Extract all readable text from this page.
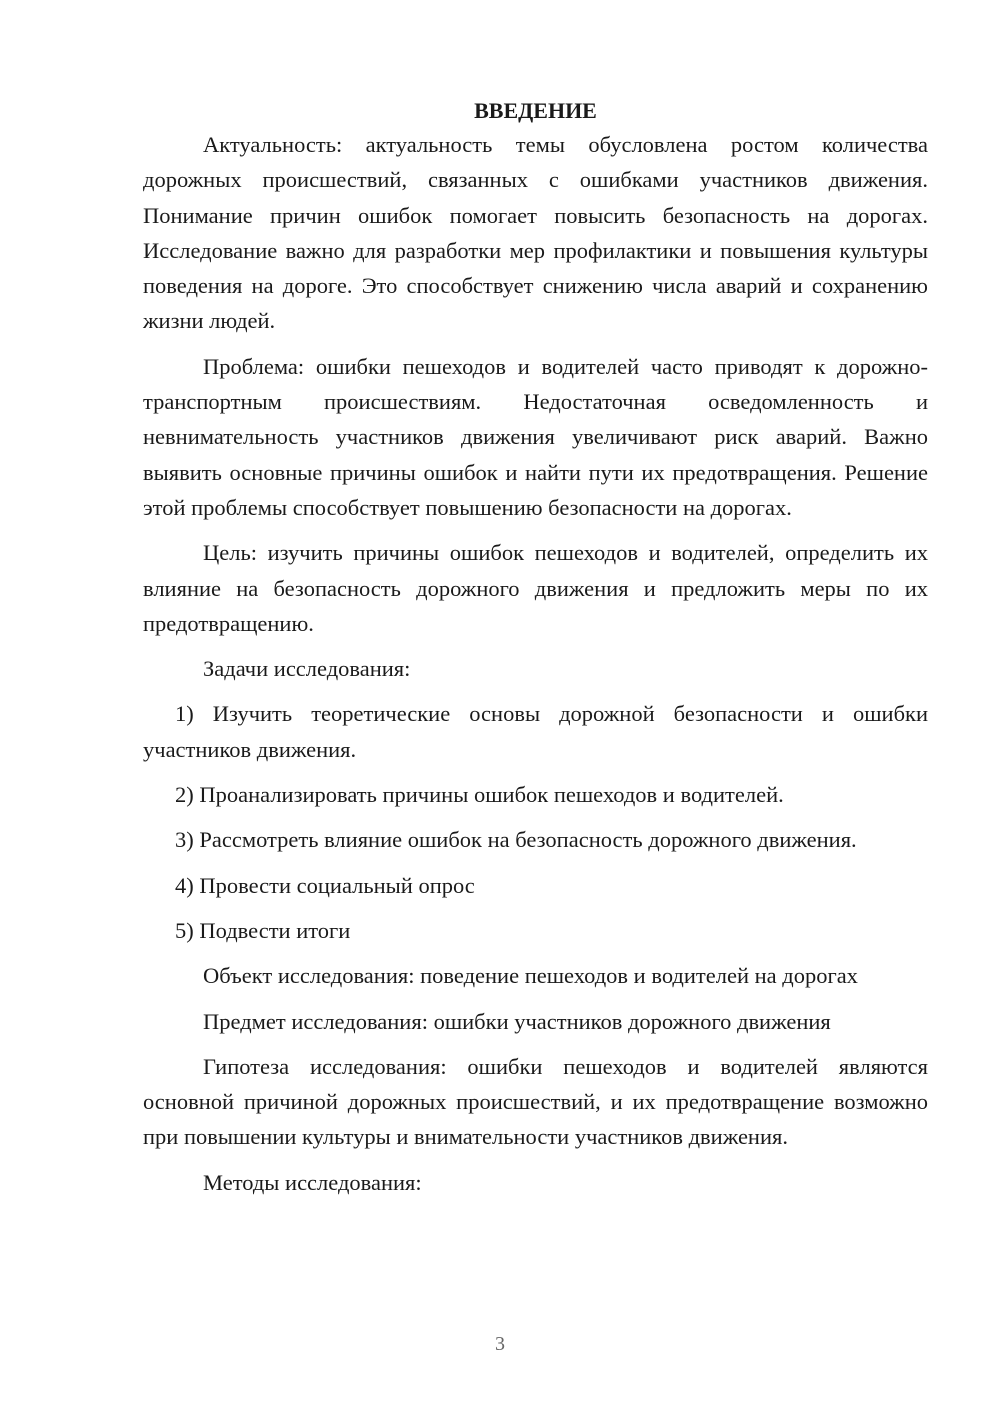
ВВЕДЕНИЕ

Актуальность: актуальность темы обусловлена ростом количества дорожных происшествий, связанных с ошибками участников движения. Понимание причин ошибок помогает повысить безопасность на дорогах. Исследование важно для разработки мер профилактики и повышения культуры поведения на дороге. Это способствует снижению числа аварий и сохранению жизни людей.

Проблема: ошибки пешеходов и водителей часто приводят к дорожно-транспортным происшествиям. Недостаточная осведомленность и невнимательность участников движения увеличивают риск аварий. Важно выявить основные причины ошибок и найти пути их предотвращения. Решение этой проблемы способствует повышению безопасности на дорогах.

Цель: изучить причины ошибок пешеходов и водителей, определить их влияние на безопасность дорожного движения и предложить меры по их предотвращению.

Задачи исследования:

1) Изучить теоретические основы дорожной безопасности и ошибки участников движения.

2) Проанализировать причины ошибок пешеходов и водителей.

3) Рассмотреть влияние ошибок на безопасность дорожного движения.

4) Провести социальный опрос

5) Подвести итоги

Объект исследования: поведение пешеходов и водителей на дорогах

Предмет исследования: ошибки участников дорожного движения

Гипотеза исследования: ошибки пешеходов и водителей являются основной причиной дорожных происшествий, и их предотвращение возможно при повышении культуры и внимательности участников движения.

Методы исследования:

3
